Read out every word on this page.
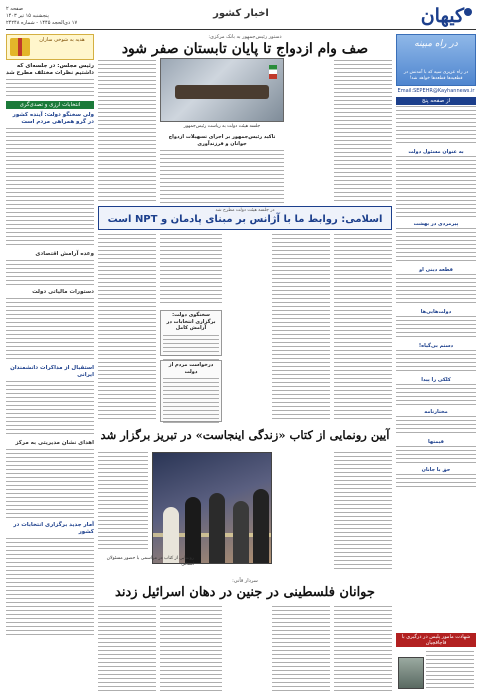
کیهان
اخبار کشور
صفحه ۲
پنجشنبه ۱۵ تیر ۱۴۰۳
۱۷ ذی‌الحجه ۱۴۴۵ - شماره ۲۴۲۴۸
در راه مبینه
در راه عزیزی سپه که با آمدنش در قطعیه‌ها قطعه‌ها خواهد شد!
Email:SEPEHR@Kayhannews.ir
از صفحه پنج
به عنوان مسئول دولت
پیرمردی در بهشت
قطعه دینی او
دولت‌هایی‌ها
دستم بی‌گیاه!
کلکی را پیدا
مختارنامه
قیمتها
حق با جانان
شهادت مامور پلیس در درگیری با قاچاقچیان
هدیه به شوخی سازان
رئیس مجلس: در جلسه‌ای که داشتیم نظرات مختلف مطرح شد
انتخابات ارزی و تصدی‌گری
ولی سخنگو دولت: آینده کشور در گرو همراهی مردم است
وعده آرامش اقتصادی
دستورات مالیاتی دولت
استقبال از مذاکرات دانشمندان ایرانی
اهدای نشان مدیریتی به مرکز
آمار جدید برگزاری انتخابات در کشور
دستور رئیس‌جمهور به بانک مرکزی:
صف وام ازدواج تا پایان تابستان صفر شود
جلسه هیئت دولت به ریاست رئیس‌جمهور
تاکید رئیس‌جمهور بر اجرای تسهیلات ازدواج جوانان و فرزندآوری
در جلسه هیئت دولت مطرح شد
اسلامی: روابط ما با آژانس بر مبنای پادمان و NPT است
سخنگوی دولت: برگزاری انتخابات در آرامش کامل
درخواست مردم از دولت
آیین رونمایی از کتاب «زندگی اینجاست» در تبریز برگزار شد
رونمایی از کتاب در مراسمی با حضور مسئولان استانی
سردار قآنی:
جوانان فلسطینی در جنین در دهان اسرائیل زدند
